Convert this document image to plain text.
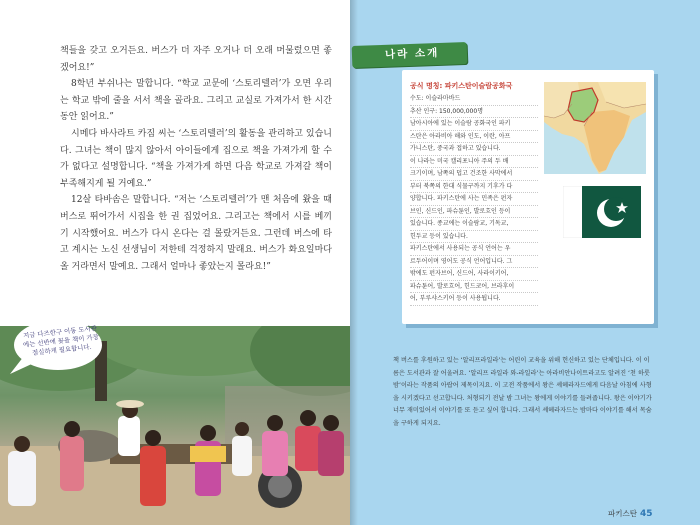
책들을 갖고 오거든요. 버스가 더 자주 오거나 더 오래 머물렀으면 좋겠어요!”

8학년 부쉬나는 말합니다. “학교 교문에 ‘스토리텔러’가 오면 우리는 학교 밖에 줄을 서서 책을 골라요. 그리고 교실로 가져가서 한 시간 동안 읽어요.”

시메다 바사라트 카짐 씨는 ‘스토리텔러’의 활동을 관리하고 있습니다. 그녀는 책이 많지 않아서 아이들에게 집으로 책을 가져가게 할 수가 없다고 설명합니다. “책을 가져가게 하면 다음 학교로 가져갈 책이 부족해지게 될 거예요.”

12살 타바솜은 말합니다. “저는 ‘스토리텔러’가 맨 처음에 왔을 때 버스로 뛰어가서 시집을 한 권 집었어요. 그리고는 책에서 시를 베끼기 시작했어요. 버스가 다시 온다는 걸 몰랐거든요. 그런데 버스에 타고 계시는 노신 선생님이 저한테 걱정하지 말래요. 버스가 화요일마다 올 거라면서 말예요. 그래서 얼마나 좋았는지 몰라요!”

지금 다즈한구 이동 도서관에는 선반에 꽂을 책이 가장 절실하게 필요합니다.
나라 소개
공식 명칭: 파키스탄이슬람공화국
수도: 이슬라마바드
추산 인구: 150,000,000명
남아시아에 있는 이슬람 공화국인 파키
스탄은 아라비아 해와 인도, 이란, 아프
가니스탄, 중국과 접하고 있습니다.
이 나라는 미국 캘리포니아 주의 두 배
크기이며, 남쪽의 덥고 건조한 사막에서
부터 북쪽의 한대 식물구까지 기후가 다
양합니다. 파키스탄에 사는 민족은 펀자
브인, 신드인, 파슈툰인, 발로흐인 등이
있습니다. 종교에는 이슬람교, 기독교,
힌두교 등이 있습니다.
파키스탄에서 사용되는 공식 언어는 우
르두어이며 영어도 공식 언어입니다. 그
밖에도 펀자브어, 신드어, 사라이키어,
파슈툰어, 발로흐어, 힌드코어, 브라후이
어, 부루샤스키어 등이 사용됩니다.
책 버스를 후원하고 있는 ‘알리프라일라’는 어린이 교육을 위해 헌신하고 있는 단체입니다. 이 이름은 도서관과 잘 어울려요. ‘알리프 라일라 와-라일라’는 아라비안나이트라고도 알려진 ‘천 하룻밤’이라는 작품의 아랍어 제목이지요. 이 고전 작품에서 왕은 셰헤라자드에게 다음날 아침에 사형을 시키겠다고 선고합니다. 처형되기 전날 밤 그녀는 왕에게 이야기를 들려줍니다. 왕은 이야기가 너무 재미있어서 이야기를 또 듣고 싶어 합니다. 그래서 셰헤라자드는 밤마다 이야기를 해서 목숨을 구하게 되지요.
파키스탄 45
